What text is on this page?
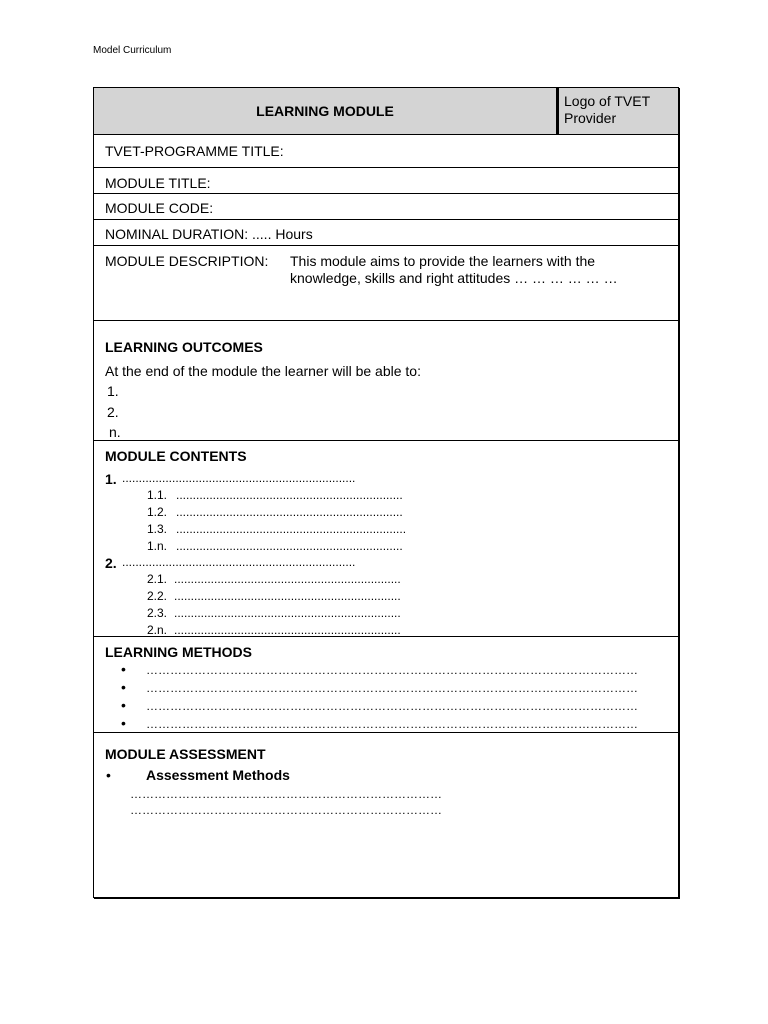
Model Curriculum
LEARNING MODULE
Logo of TVET
Provider
TVET-PROGRAMME TITLE:
MODULE TITLE:
MODULE CODE:
NOMINAL DURATION: ..... Hours
MODULE DESCRIPTION: This module aims to provide the learners with the
knowledge, skills and right attitudes … … … … … …
LEARNING OUTCOMES
At the end of the module the learner will be able to:
1.
2.
n.
MODULE CONTENTS
1. ......................................................................
1.1. ....................................................................
1.2. ....................................................................
1.3. .....................................................................
1.n. ....................................................................
2. ......................................................................
2.1. ....................................................................
2.2. ....................................................................
2.3. ....................................................................
2.n. ....................................................................
LEARNING METHODS
• ……………………………………………………………………………………………………………
• ……………………………………………………………………………………………………………
• ……………………………………………………………………………………………………………
• ……………………………………………………………………………………………………………
MODULE ASSESSMENT
•	Assessment Methods
……………………………………………………………………
……………………………………………………………………
